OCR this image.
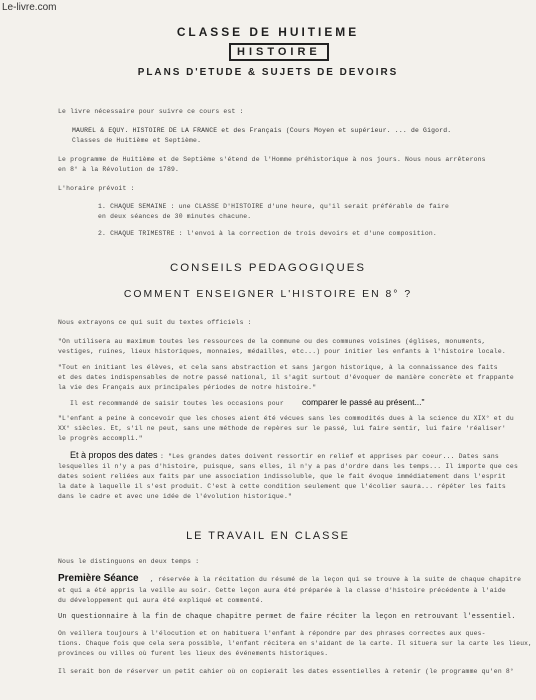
Le-livre.com
CLASSE DE HUITIEME
HISTOIRE
PLANS D'ETUDE & SUJETS DE DEVOIRS
Le livre nécessaire pour suivre ce cours est :
MAUREL & EQUY. HISTOIRE DE LA FRANCE et des Français (Cours Moyen et supérieur. ... de Gigord.
Classes de Huitième et Septième.
Le programme de Huitième et de Septième s'étend de l'Homme préhistorique à nos jours. Nous nous arrêterons
en 8° à la Révolution de 1789.
L'horaire prévoit :
1. CHAQUE SEMAINE : une CLASSE D'HISTOIRE d'une heure, qu'il serait préférable de faire
en deux séances de 30 minutes chacune.
2. CHAQUE TRIMESTRE : l'envoi à la correction de trois devoirs et d'une composition.
CONSEILS PEDAGOGIQUES
COMMENT ENSEIGNER L'HISTOIRE EN 8° ?
Nous extrayons ce qui suit du textes officiels :
"On utilisera au maximum toutes les ressources de la commune ou des communes voisines (églises, monuments,
vestiges, ruines, lieux historiques, monnaies, médailles, etc...) pour initier les enfants à l'histoire locale.
"Tout en initiant les élèves, et cela sans abstraction et sans jargon historique, à la connaissance des faits
et des dates indispensables de notre passé national, il s'agit surtout d'évoquer de manière concrète et frappante
la vie des Français aux principales périodes de notre histoire."
Il est recommandé de saisir toutes les occasions pour comparer le passé au présent..."
"L'enfant a peine à concevoir que les choses aient été vécues sans les commodités dues à la science du XIX° et du
XX° siècles. Et, s'il ne peut, sans une méthode de repères sur le passé, lui faire sentir, lui faire 'réaliser'
le progrès accompli."
Et à propos des dates : "Les grandes dates doivent ressortir en relief et apprises par coeur... Dates sans
lesquelles il n'y a pas d'histoire, puisque, sans elles, il n'y a pas d'ordre dans les temps... Il importe que ces
dates soient reliées aux faits par une association indissoluble, que le fait évoque immédiatement dans l'esprit
la date à laquelle il s'est produit. C'est à cette condition seulement que l'écolier saura... répéter les faits
dans le cadre et avec une idée de l'évolution historique."
LE TRAVAIL EN CLASSE
Nous le distinguons en deux temps :
Première Séance , réservée à la récitation du résumé de la leçon qui se trouve à la suite de chaque chapitre
et qui a été appris la veille au soir. Cette leçon aura été préparée à la classe d'histoire précédente à l'aide
du développement qui aura été expliqué et commenté.
Un questionnaire à la fin de chaque chapitre permet de faire réciter la leçon en retrouvant l'essentiel.
On veillera toujours à l'élocution et on habituera l'enfant à répondre par des phrases correctes aux ques-
tions. Chaque fois que cela sera possible, l'enfant récitera en s'aidant de la carte. Il situera sur la carte les lieux,
provinces ou villes où furent les lieux des événements historiques.
Il serait bon de réserver un petit cahier où on copierait les dates essentielles à retenir (le programme qu'en 8°
